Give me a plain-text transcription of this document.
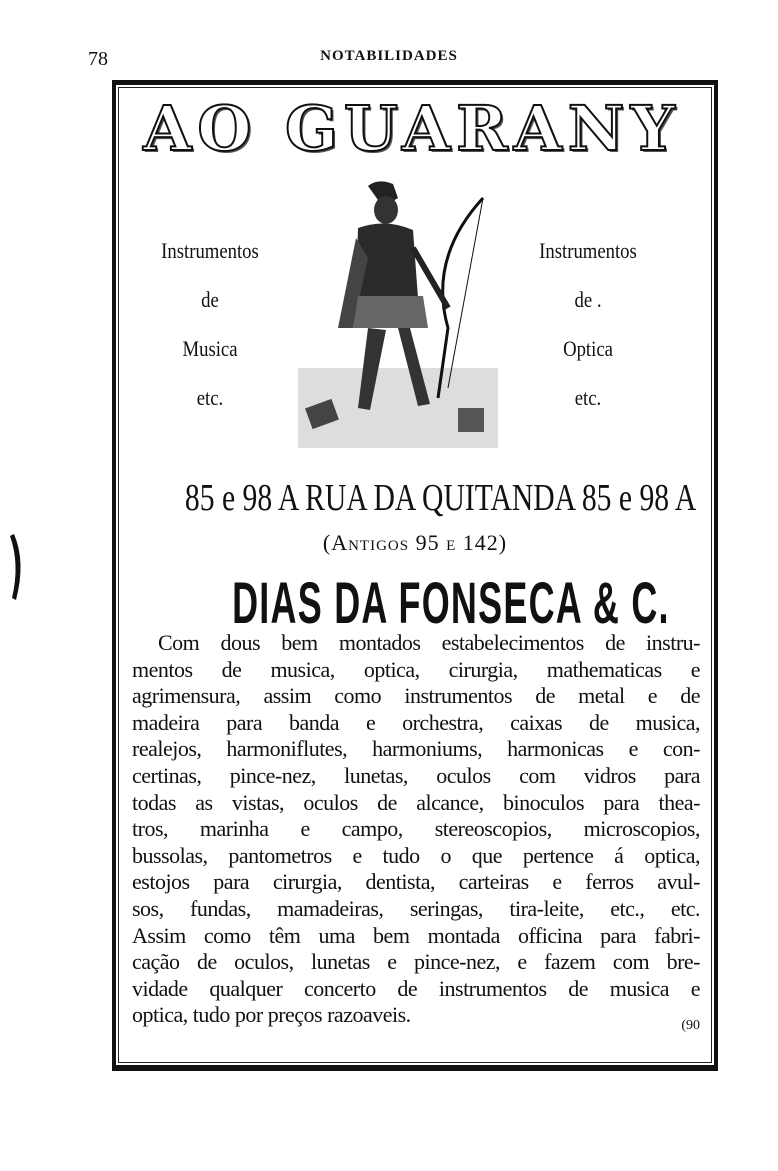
78	NOTABILIDADES
AO GUARANY
Instrumentos
de
Musica
etc.
Instrumentos
de .
Optica
etc.
85 e 98 A RUA DA QUITANDA 85 e 98 A
(Antigos 95 e 142)
DIAS DA FONSECA & C.
Com dous bem montados estabelecimentos de instru-
mentos de musica, optica, cirurgia, mathematicas e
agrimensura, assim como instrumentos de metal e de
madeira para banda e orchestra, caixas de musica,
realejos, harmoniflutes, harmoniums, harmonicas e con-
certinas, pince-nez, lunetas, oculos com vidros para
todas as vistas, oculos de alcance, binoculos para thea-
tros, marinha e campo, stereoscopios, microscopios,
bussolas, pantometros e tudo o que pertence á optica,
estojos para cirurgia, dentista, carteiras e ferros avul-
sos, fundas, mamadeiras, seringas, tira-leite, etc., etc.
Assim como têm uma bem montada officina para fabri-
cação de oculos, lunetas e pince-nez, e fazem com bre-
vidade qualquer concerto de instrumentos de musica e
optica, tudo por preços razoaveis.	(90
